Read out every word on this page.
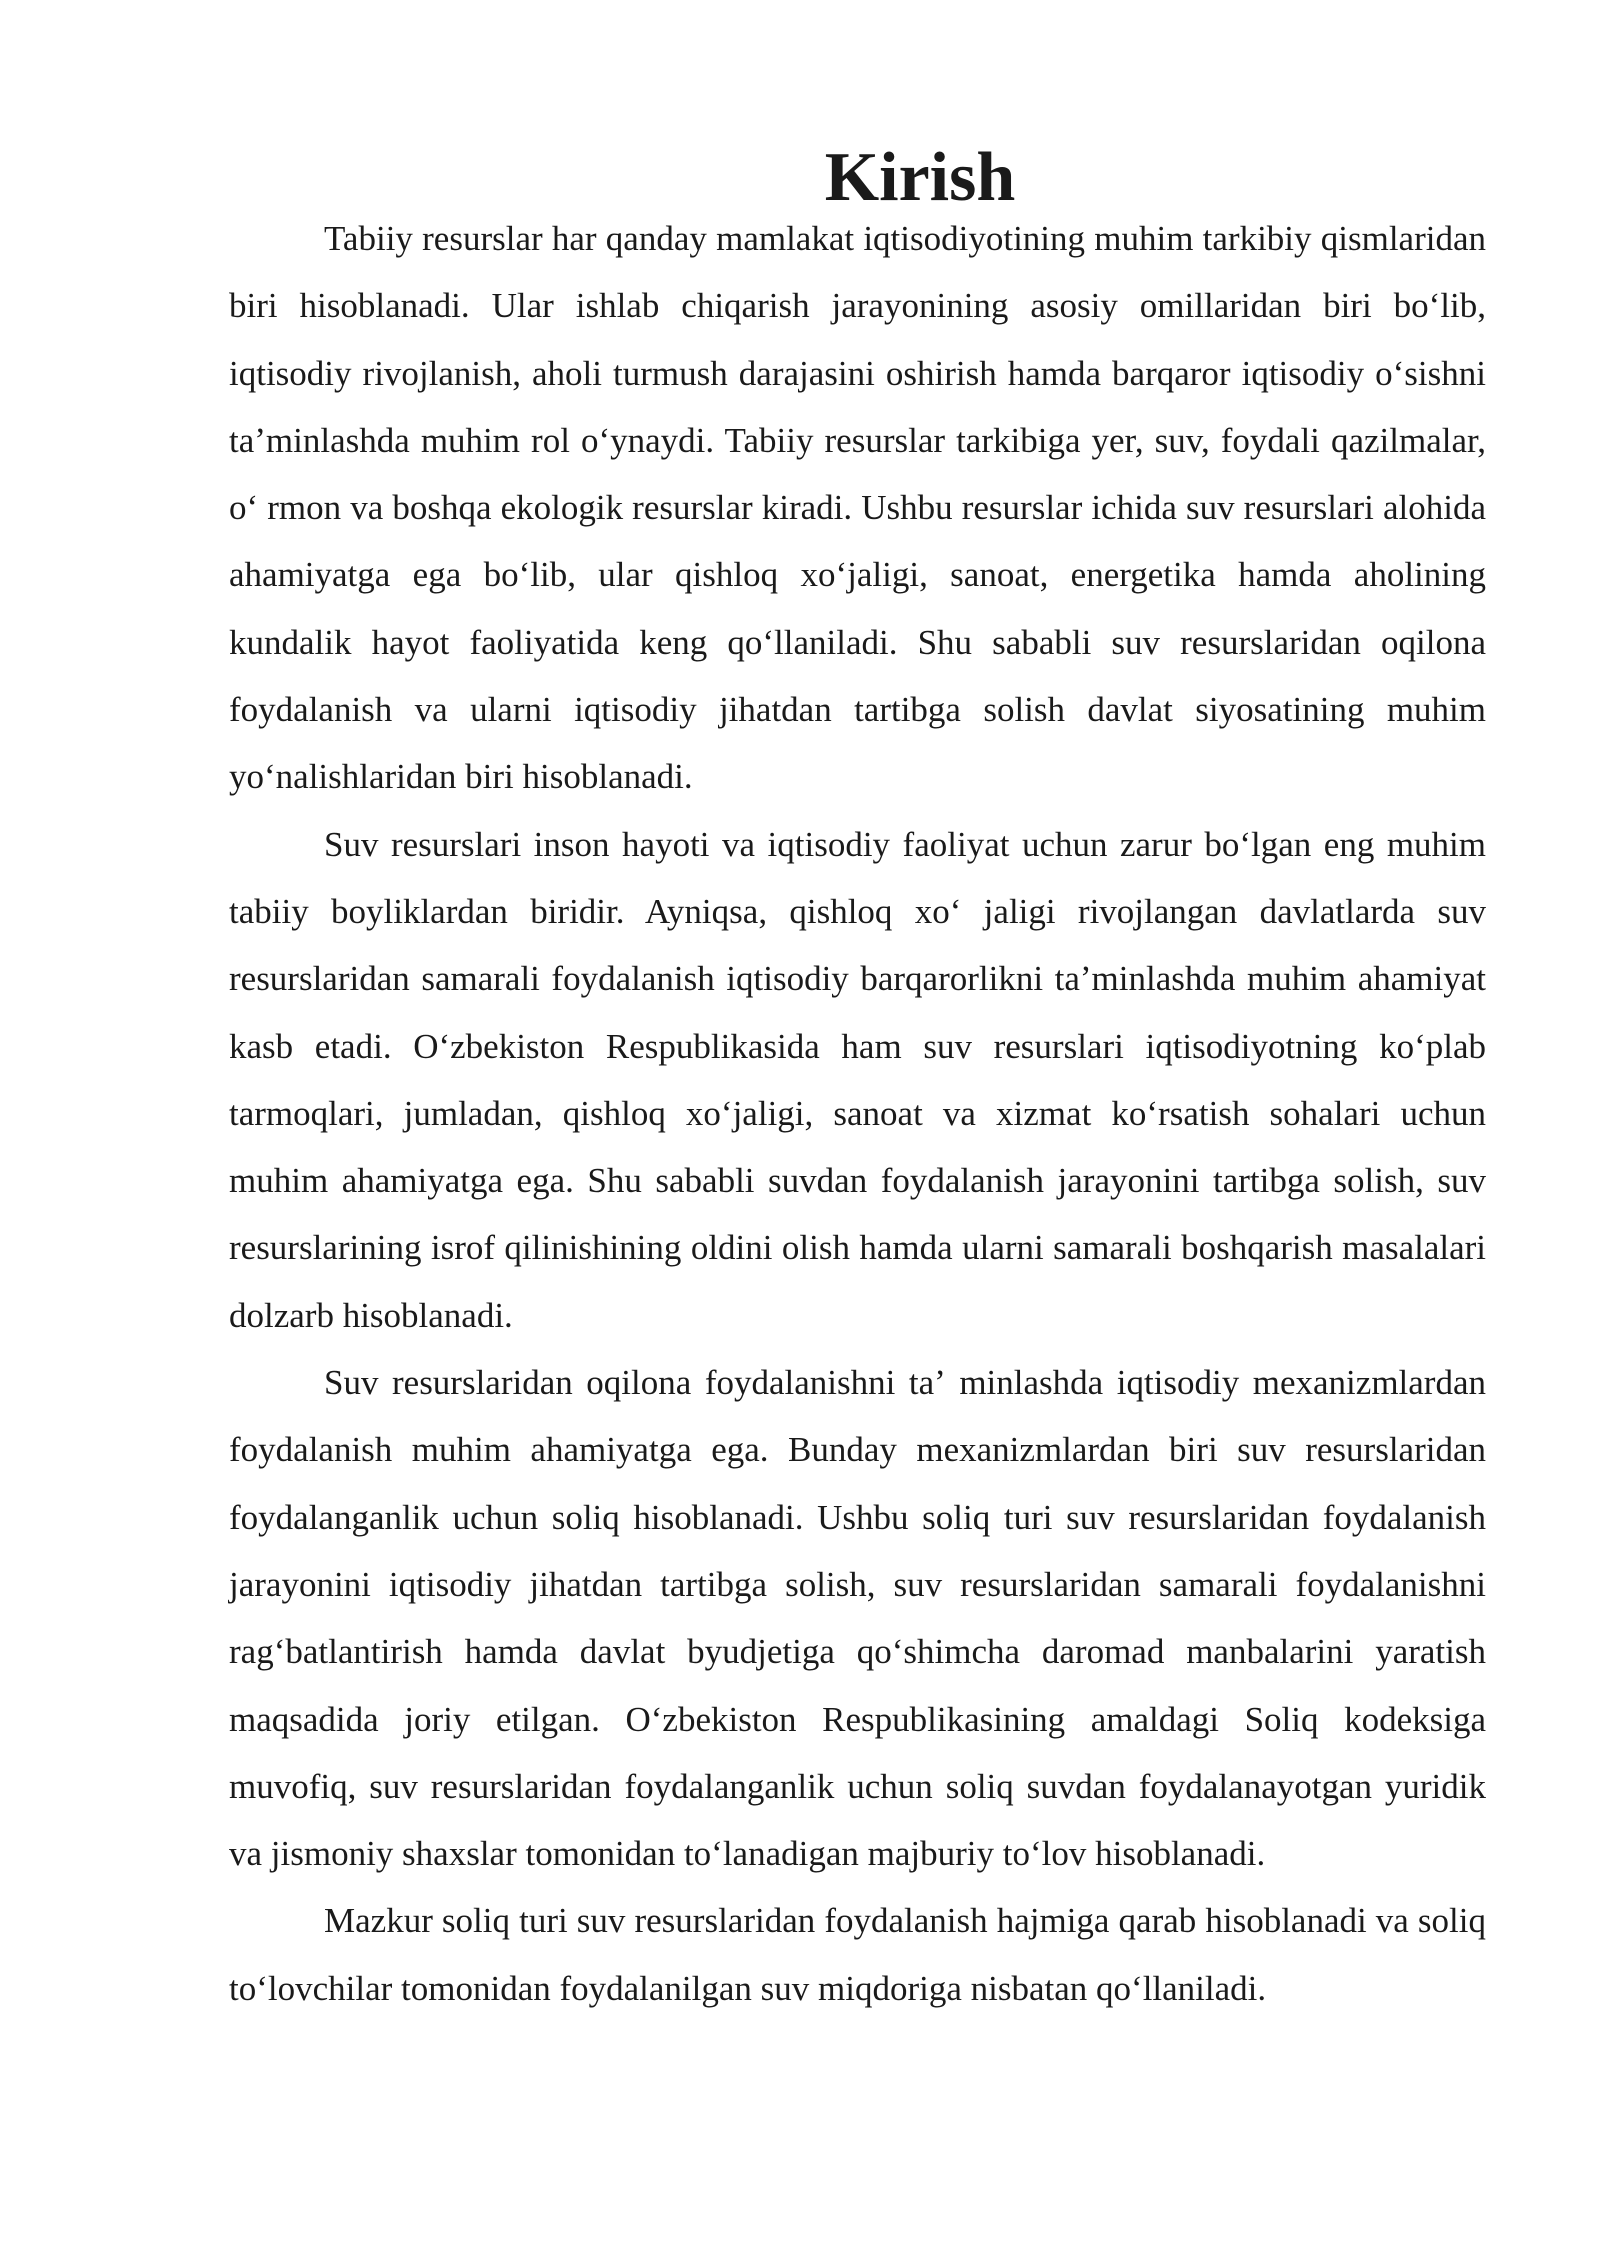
Kirish

Tabiiy resurslar har qanday mamlakat iqtisodiyotining muhim tarkibiy qismlaridan biri hisoblanadi. Ular ishlab chiqarish jarayonining asosiy omillaridan biri boʻlib, iqtisodiy rivojlanish, aholi turmush darajasini oshirish hamda barqaror iqtisodiy oʻsishni taʼminlashda muhim rol oʻynaydi. Tabiiy resurslar tarkibiga yer, suv, foydali qazilmalar, oʻ rmon va boshqa ekologik resurslar kiradi. Ushbu resurslar ichida suv resurslari alohida ahamiyatga ega boʻlib, ular qishloq xoʻjaligi, sanoat, energetika hamda aholining kundalik hayot faoliyatida keng qoʻllaniladi. Shu sababli suv resurslaridan oqilona foydalanish va ularni iqtisodiy jihatdan tartibga solish davlat siyosatining muhim yoʻnalishlaridan biri hisoblanadi.

Suv resurslari inson hayoti va iqtisodiy faoliyat uchun zarur boʻlgan eng muhim tabiiy boyliklardan biridir. Ayniqsa, qishloq xoʻ jaligi rivojlangan davlatlarda suv resurslaridan samarali foydalanish iqtisodiy barqarorlikni taʼminlashda muhim ahamiyat kasb etadi. Oʻzbekiston Respublikasida ham suv resurslari iqtisodiyotning koʻplab tarmoqlari, jumladan, qishloq xoʻjaligi, sanoat va xizmat koʻrsatish sohalari uchun muhim ahamiyatga ega. Shu sababli suvdan foydalanish jarayonini tartibga solish, suv resurslarining isrof qilinishining oldini olish hamda ularni samarali boshqarish masalalari dolzarb hisoblanadi.

Suv resurslaridan oqilona foydalanishni taʼ minlashda iqtisodiy mexanizmlardan foydalanish muhim ahamiyatga ega. Bunday mexanizmlardan biri suv resurslaridan foydalanganlik uchun soliq hisoblanadi. Ushbu soliq turi suv resurslaridan foydalanish jarayonini iqtisodiy jihatdan tartibga solish, suv resurslaridan samarali foydalanishni ragʻbatlantirish hamda davlat byudjetiga qoʻshimcha daromad manbalarini yaratish maqsadida joriy etilgan. Oʻzbekiston Respublikasining amaldagi Soliq kodeksiga muvofiq, suv resurslaridan foydalanganlik uchun soliq suvdan foydalanayotgan yuridik va jismoniy shaxslar tomonidan toʻlanadigan majburiy toʻlov hisoblanadi.

Mazkur soliq turi suv resurslaridan foydalanish hajmiga qarab hisoblanadi va soliq toʻlovchilar tomonidan foydalanilgan suv miqdoriga nisbatan qoʻllaniladi.
